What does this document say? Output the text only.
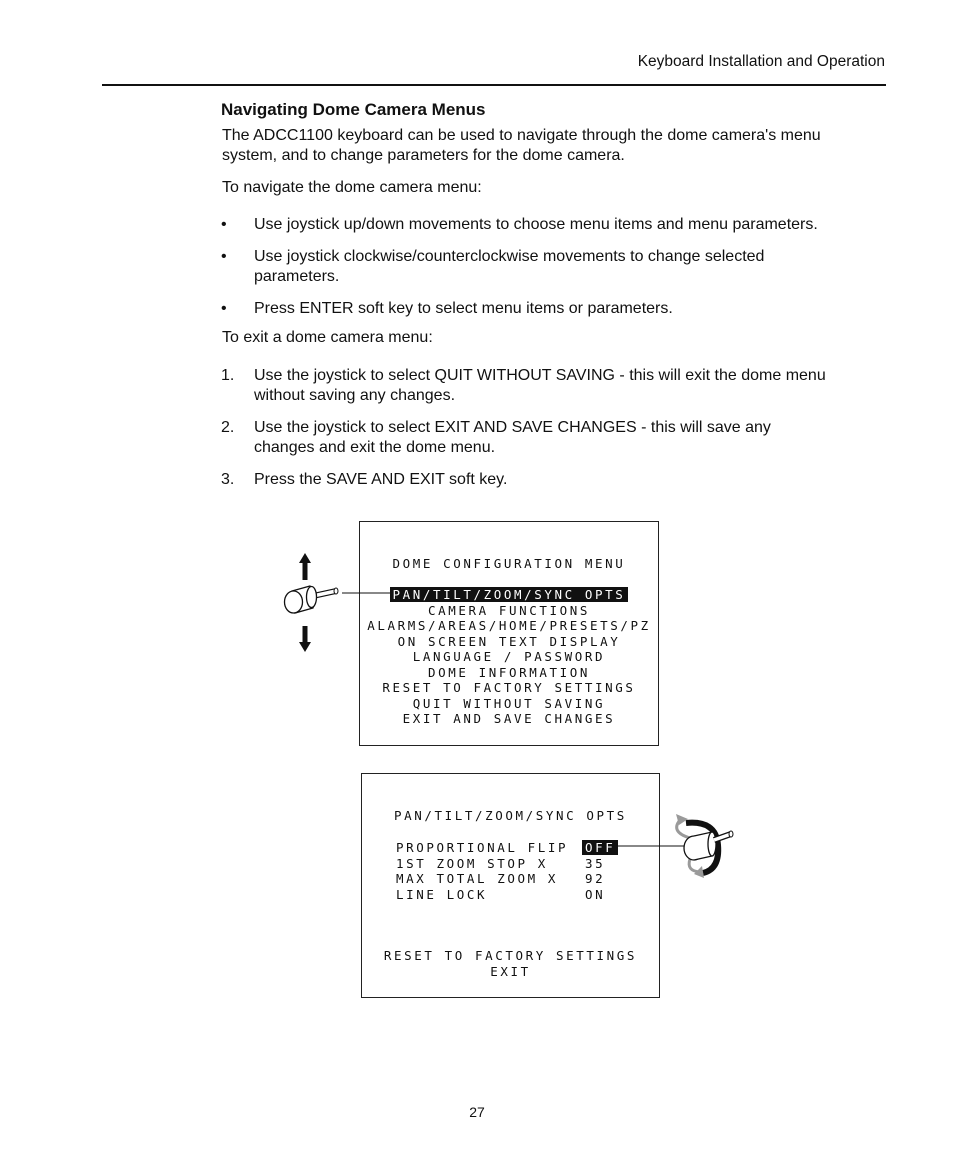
Keyboard Installation and Operation
Navigating Dome Camera Menus
The ADCC1100 keyboard can be used to navigate through the dome camera's menu
system, and to change parameters for the dome camera.
To navigate the dome camera menu:
• Use joystick up/down movements to choose menu items and menu parameters.
• Use joystick clockwise/counterclockwise movements to change selected
parameters.
• Press ENTER soft key to select menu items or parameters.
To exit a dome camera menu:
1. Use the joystick to select QUIT WITHOUT SAVING - this will exit the dome menu
without saving any changes.
2. Use the joystick to select EXIT AND SAVE CHANGES - this will save any
changes and exit the dome menu.
3. Press the SAVE AND EXIT soft key.

DOME CONFIGURATION MENU

PAN/TILT/ZOOM/SYNC OPTS

CAMERA FUNCTIONS

ALARMS/AREAS/HOME/PRESETS/PZ

ON SCREEN TEXT DISPLAY

LANGUAGE / PASSWORD

DOME INFORMATION

RESET TO FACTORY SETTINGS

QUIT WITHOUT SAVING

EXIT AND SAVE CHANGES

PAN/TILT/ZOOM/SYNC OPTS

PROPORTIONAL FLIP

OFF

1ST ZOOM STOP X

	35

MAX TOTAL ZOOM X

92

LINE LOCK

	ON

RESET TO FACTORY SETTINGS

EXIT

27
